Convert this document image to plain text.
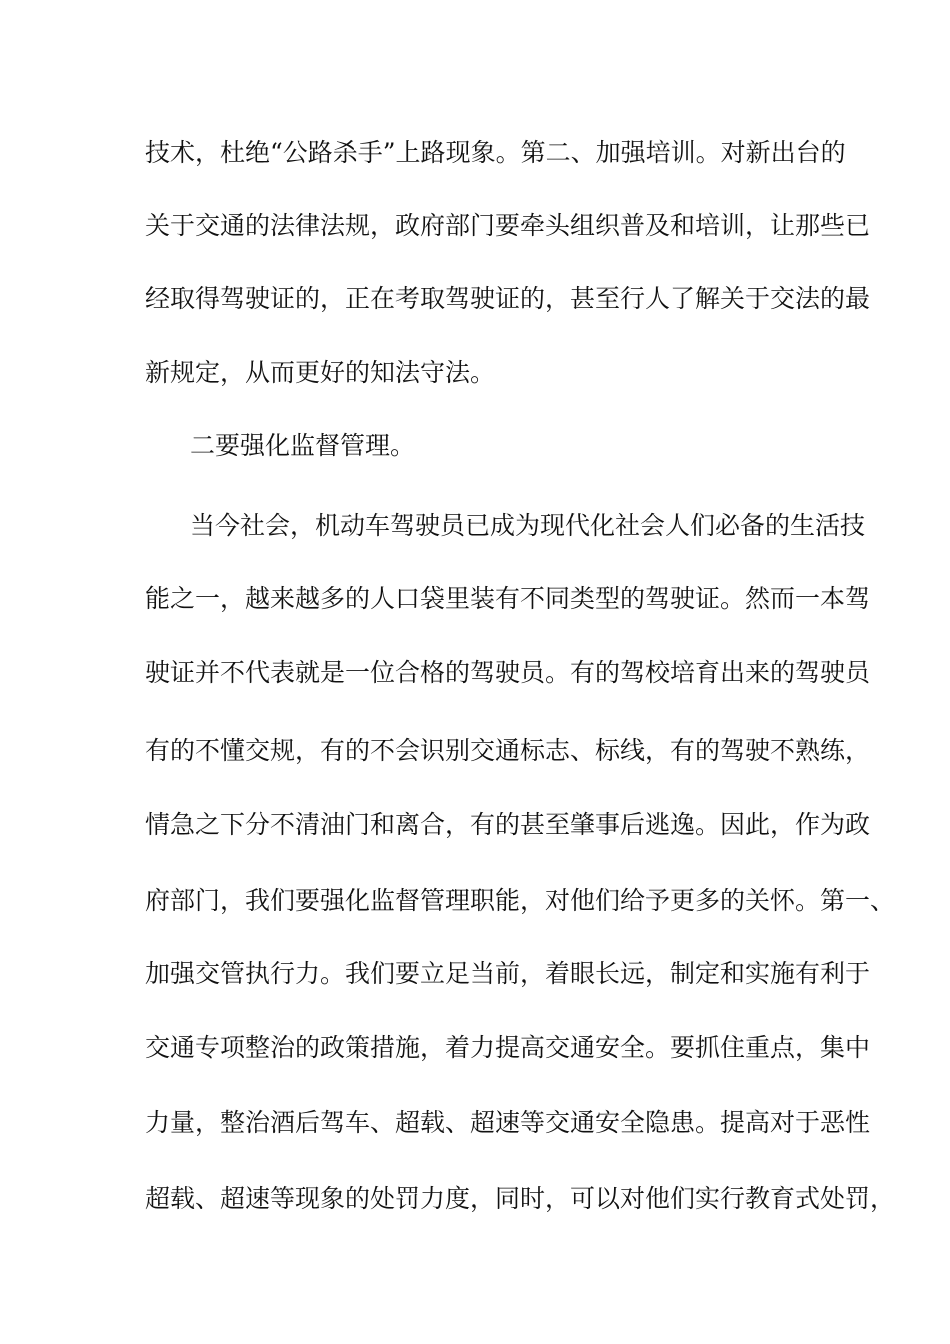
技术，杜绝“公路杀手”上路现象。第二、加强培训。对新出台的
关于交通的法律法规，政府部门要牵头组织普及和培训，让那些已
经取得驾驶证的，正在考取驾驶证的，甚至行人了解关于交法的最
新规定，从而更好的知法守法。
二要强化监督管理。
当今社会，机动车驾驶员已成为现代化社会人们必备的生活技
能之一，越来越多的人口袋里装有不同类型的驾驶证。然而一本驾
驶证并不代表就是一位合格的驾驶员。有的驾校培育出来的驾驶员
有的不懂交规，有的不会识别交通标志、标线，有的驾驶不熟练，
情急之下分不清油门和离合，有的甚至肇事后逃逸。因此，作为政
府部门，我们要强化监督管理职能，对他们给予更多的关怀。第一、
加强交管执行力。我们要立足当前，着眼长远，制定和实施有利于
交通专项整治的政策措施，着力提高交通安全。要抓住重点，集中
力量，整治酒后驾车、超载、超速等交通安全隐患。提高对于恶性
超载、超速等现象的处罚力度，同时，可以对他们实行教育式处罚，
